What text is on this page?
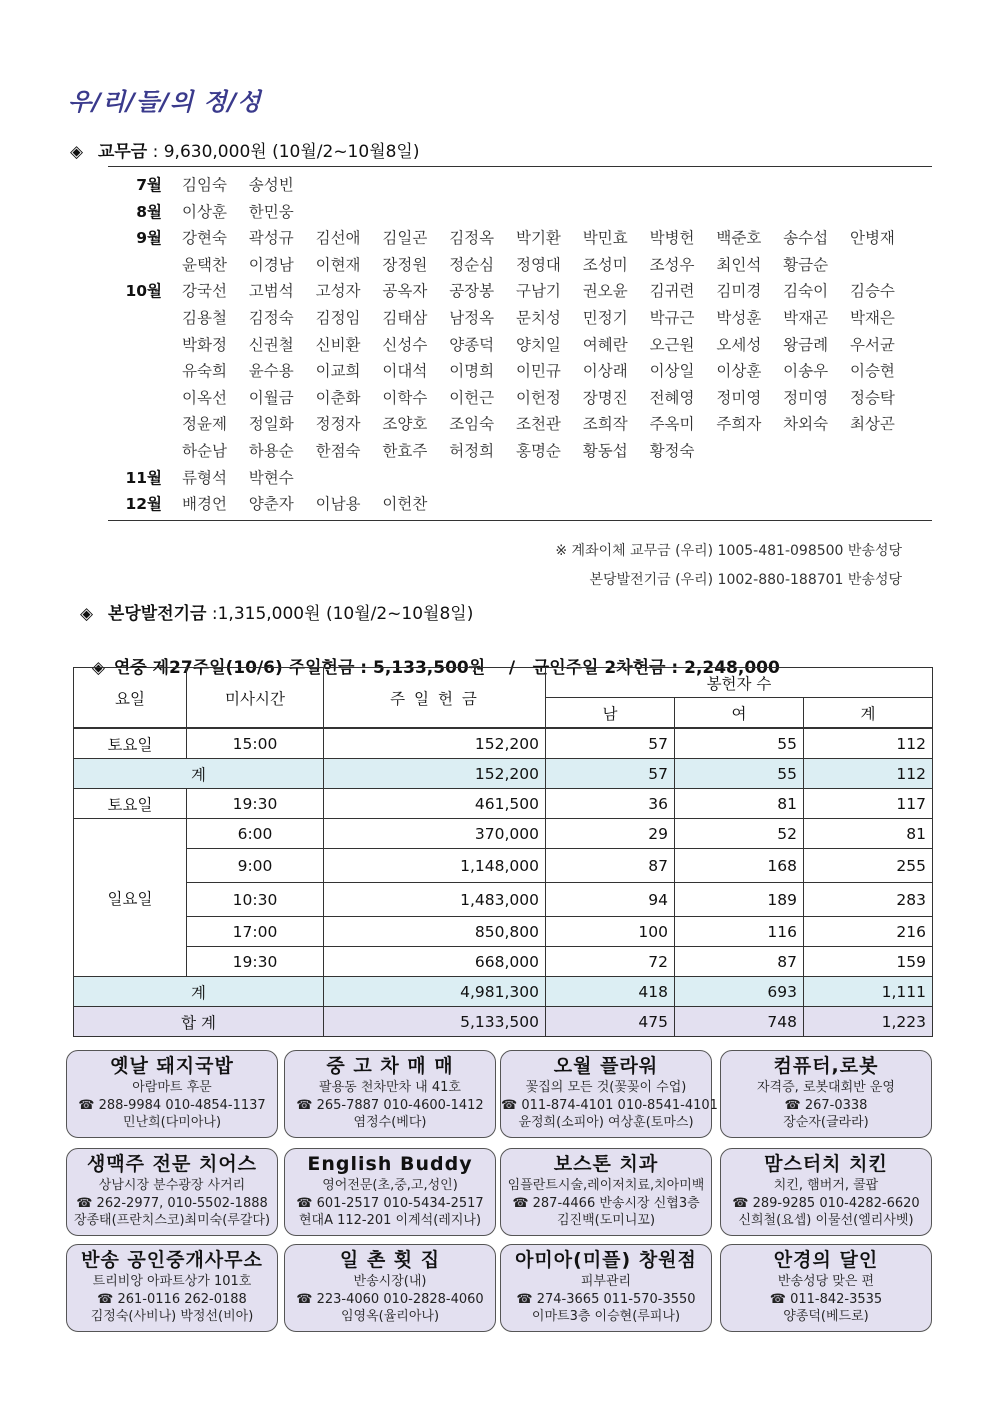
우/리/들/의 정/성
◈ 교무금 : 9,630,000원 (10월/2~10월8일)
7월	김임숙	송성빈
8월	이상훈	한민웅
9월	강현숙	곽성규	김선애	김일곤	김정옥	박기환	박민효	박병헌	백준호	송수섭	안병재
윤택찬	이경남	이현재	장정원	정순심	정영대	조성미	조성우	최인석	황금순
10월	강국선	고범석	고성자	공옥자	공장봉	구남기	권오윤	김귀련	김미경	김숙이	김승수
김용철	김정숙	김정임	김태삼	남정옥	문치성	민정기	박규근	박성훈	박재곤	박재은
박화정	신권철	신비환	신성수	양종덕	양치일	여혜란	오근원	오세성	왕금례	우서균
유숙희	윤수용	이교희	이대석	이명희	이민규	이상래	이상일	이상훈	이송우	이승현
이옥선	이월금	이춘화	이학수	이헌근	이헌정	장명진	전혜영	정미영	정미영	정승탁
정윤제	정일화	정정자	조양호	조임숙	조천관	조희작	주옥미	주희자	차외숙	최상곤
하순남	하용순	한점숙	한효주	허정희	홍명순	황동섭	황정숙
11월	류형석	박현수
12월	배경언	양춘자	이남용	이헌찬
※ 계좌이체 교무금 (우리) 1005-481-098500 반송성당
본당발전기금 (우리) 1002-880-188701 반송성당
◈ 본당발전기금 :1,315,000원 (10월/2~10월8일)

◈ 연중 제27주일(10/6) 주일헌금 : 5,133,500원    /   군인주일 2차헌금 : 2,248,000

요일	미사시간	주 일 헌 금	봉헌자 수		
			남	여	계
토요일	15:00	152,200	57	55	112
계		152,200	57	55	112
토요일	19:30	461,500	36	81	117
일요일	6:00	370,000	29	52	81
	9:00	1,148,000	87	168	255
	10:30	1,483,000	94	189	283
	17:00	850,800	100	116	216
	19:30	668,000	72	87	159
계		4,981,300	418	693	1,111
합 계		5,133,500	475	748	1,223
옛날 돼지국밥
아람마트 후문
☎ 288-9984 010-4854-1137
민난희(다미아나)
중 고 차 매 매
팔용동 천차만차 내 41호
☎ 265-7887 010-4600-1412
염정수(베다)
오월 플라워
꽃집의 모든 것(꽃꽂이 수업)
☎ 011-874-4101 010-8541-4101
윤정희(소피아) 여상훈(토마스)
컴퓨터,로봇
자격증, 로봇대회반 운영
☎ 267-0338
장순자(글라라)
생맥주 전문 치어스
상남시장 분수광장 사거리
☎ 262-2977, 010-5502-1888
장종태(프란치스코)최미숙(루갈다)
English Buddy
영어전문(초,중,고,성인)
☎ 601-2517 010-5434-2517
현대A 112-201 이계석(레지나)
보스톤 치과
임플란트시술,레이저치료,치아미백
☎ 287-4466 반송시장 신협3층
김진백(도미니꼬)
맘스터치 치킨
치킨, 햄버거, 콜팝
☎ 289-9285 010-4282-6620
신희철(요셉) 이물선(엘리사벳)
반송 공인중개사무소
트리비앙 아파트상가 101호
☎ 261-0116 262-0188
김정숙(사비나) 박정선(비아)
일 촌 횟 집
반송시장(내)
☎ 223-4060 010-2828-4060
임영옥(율리아나)
아미아(미플) 창원점
피부관리
☎ 274-3665 011-570-3550
이마트3층 이승현(루피나)
안경의 달인
반송성당 맞은 편
☎ 011-842-3535
양종덕(베드로)
